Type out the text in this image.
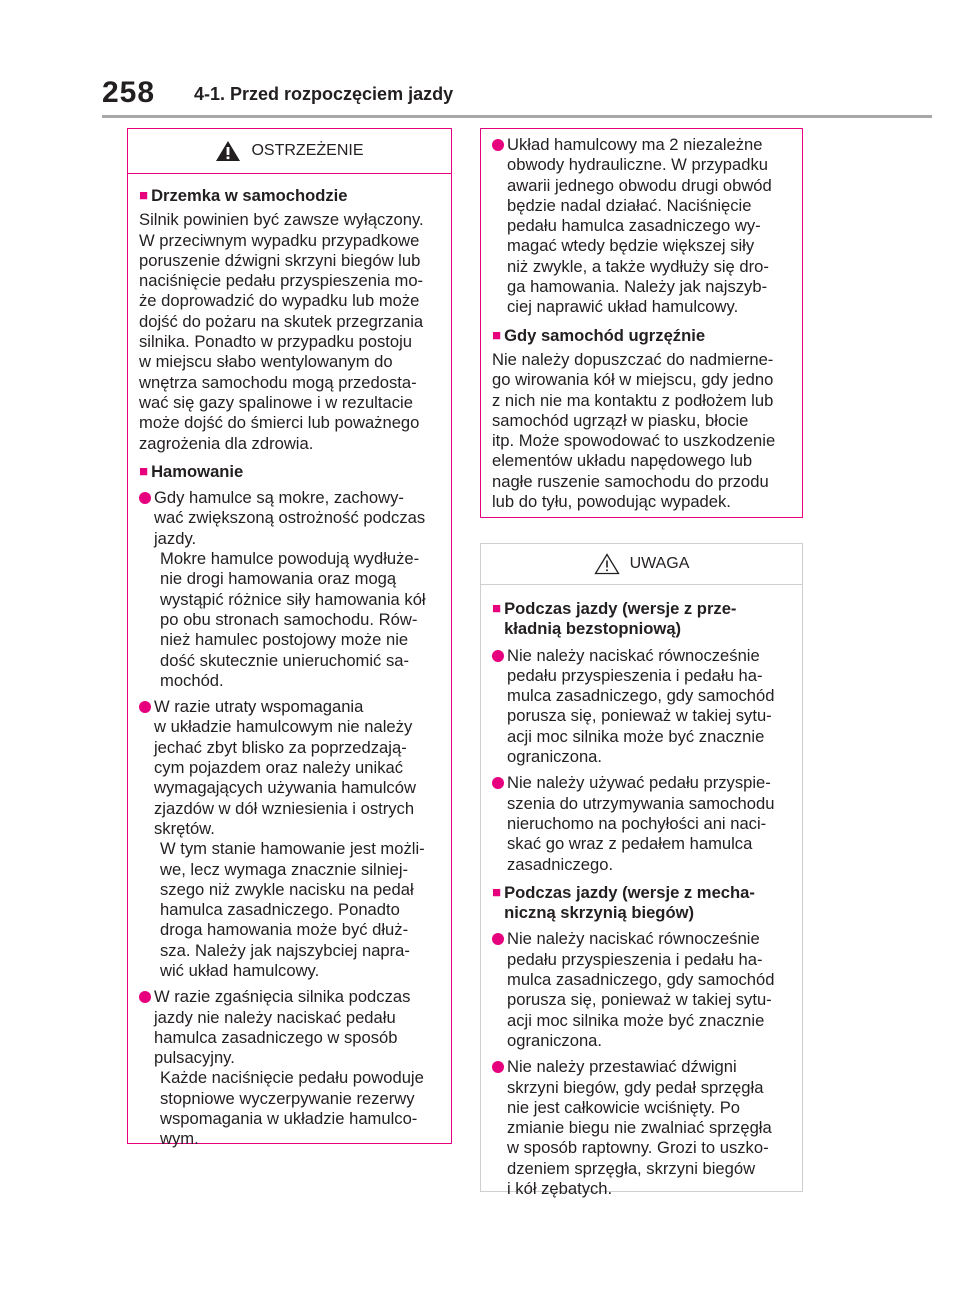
258 4-1. Przed rozpoczęciem jazdy
OSTRZEŻENIE
■ Drzemka w samochodzie

Silnik powinien być zawsze wyłączony.
W przeciwnym wypadku przypadkowe
poruszenie dźwigni skrzyni biegów lub
naciśnięcie pedału przyspieszenia mo-
że doprowadzić do wypadku lub może
dojść do pożaru na skutek przegrzania
silnika. Ponadto w przypadku postoju
w miejscu słabo wentylowanym do
wnętrza samochodu mogą przedosta-
wać się gazy spalinowe i w rezultacie
może dojść do śmierci lub poważnego
zagrożenia dla zdrowia.

■ Hamowanie
Gdy hamulce są mokre, zachowy-
wać zwiększoną ostrożność podczas
jazdy.
Mokre hamulce powodują wydłuże-
nie drogi hamowania oraz mogą
wystąpić różnice siły hamowania kół
po obu stronach samochodu. Rów-
nież hamulec postojowy może nie
dość skutecznie unieruchomić sa-
mochód.
W razie utraty wspomagania
w układzie hamulcowym nie należy
jechać zbyt blisko za poprzedzają-
cym pojazdem oraz należy unikać
wymagających używania hamulców
zjazdów w dół wzniesienia i ostrych
skrętów.
W tym stanie hamowanie jest możli-
we, lecz wymaga znacznie silniej-
szego niż zwykle nacisku na pedał
hamulca zasadniczego. Ponadto
droga hamowania może być dłuż-
sza. Należy jak najszybciej napra-
wić układ hamulcowy.
W razie zgaśnięcia silnika podczas
jazdy nie należy naciskać pedału
hamulca zasadniczego w sposób
pulsacyjny.
Każde naciśnięcie pedału powoduje
stopniowe wyczerpywanie rezerwy
wspomagania w układzie hamulco-
wym.
Układ hamulcowy ma 2 niezależne
obwody hydrauliczne. W przypadku
awarii jednego obwodu drugi obwód
będzie nadal działać. Naciśnięcie
pedału hamulca zasadniczego wy-
magać wtedy będzie większej siły
niż zwykle, a także wydłuży się dro-
ga hamowania. Należy jak najszyb-
ciej naprawić układ hamulcowy.
■ Gdy samochód ugrzęźnie

Nie należy dopuszczać do nadmierne-
go wirowania kół w miejscu, gdy jedno
z nich nie ma kontaktu z podłożem lub
samochód ugrzązł w piasku, błocie
itp. Może spowodować to uszkodzenie
elementów układu napędowego lub
nagłe ruszenie samochodu do przodu
lub do tyłu, powodując wypadek.

UWAGA
■ Podczas jazdy (wersje z prze-
kładnią bezstopniową)
Nie należy naciskać równocześnie
pedału przyspieszenia i pedału ha-
mulca zasadniczego, gdy samochód
porusza się, ponieważ w takiej sytu-
acji moc silnika może być znacznie
ograniczona.
Nie należy używać pedału przyspie-
szenia do utrzymywania samochodu
nieruchomo na pochyłości ani naci-
skać go wraz z pedałem hamulca
zasadniczego.
■ Podczas jazdy (wersje z mecha-
niczną skrzynią biegów)
Nie należy naciskać równocześnie
pedału przyspieszenia i pedału ha-
mulca zasadniczego, gdy samochód
porusza się, ponieważ w takiej sytu-
acji moc silnika może być znacznie
ograniczona.
Nie należy przestawiać dźwigni
skrzyni biegów, gdy pedał sprzęgła
nie jest całkowicie wciśnięty. Po
zmianie biegu nie zwalniać sprzęgła
w sposób raptowny. Grozi to uszko-
dzeniem sprzęgła, skrzyni biegów
i kół zębatych.
